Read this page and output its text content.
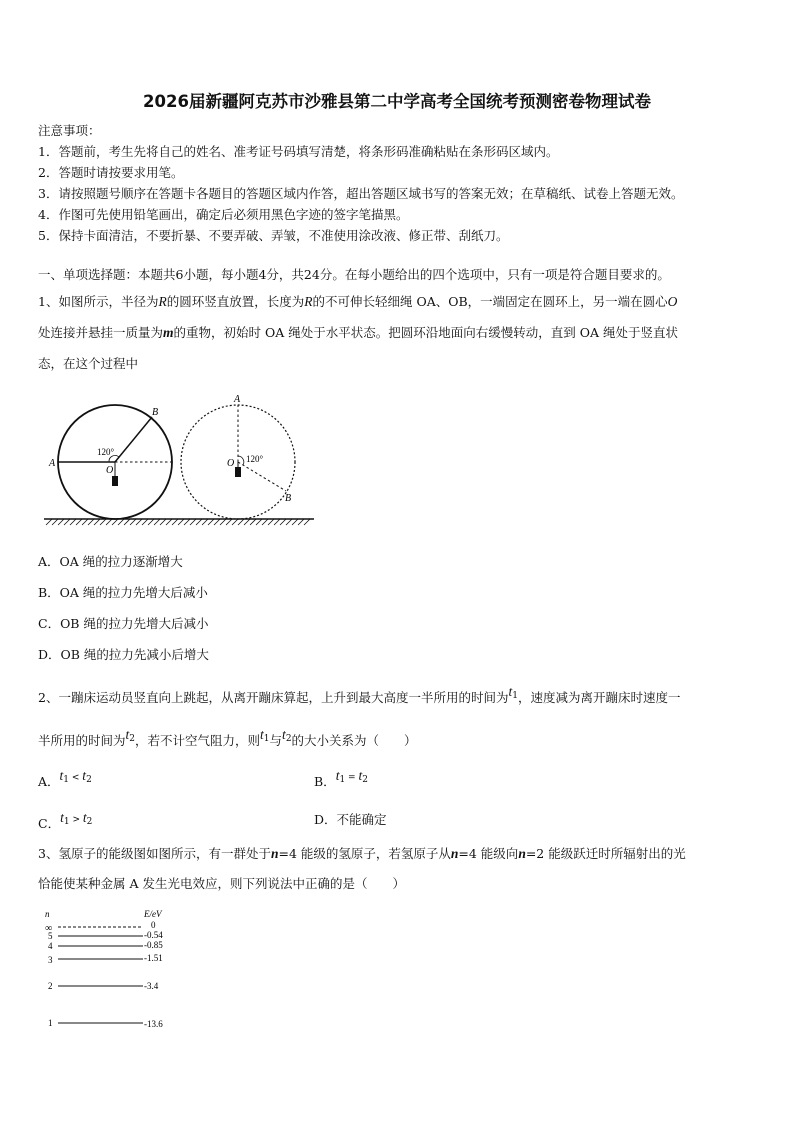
2026届新疆阿克苏市沙雅县第二中学高考全国统考预测密卷物理试卷
注意事项：
1．答题前，考生先将自己的姓名、准考证号码填写清楚，将条形码准确粘贴在条形码区域内。
2．答题时请按要求用笔。
3．请按照题号顺序在答题卡各题目的答题区域内作答，超出答题区域书写的答案无效；在草稿纸、试卷上答题无效。
4．作图可先使用铅笔画出，确定后必须用黑色字迹的签字笔描黑。
5．保持卡面清洁，不要折暴、不要弄破、弄皱，不准使用涂改液、修正带、刮纸刀。
一、单项选择题：本题共6小题，每小题4分，共24分。在每小题给出的四个选项中，只有一项是符合题目要求的。
1、如图所示，半径为R的圆环竖直放置，长度为R的不可伸长轻细绳 OA、OB，一端固定在圆环上，另一端在圆心O
处连接并悬挂一质量为m的重物，初始时 OA 绳处于水平状态。把圆环沿地面向右缓慢转动，直到 OA 绳处于竖直状
态，在这个过程中
A
B
O
120°
A
B
O 120°
A．OA 绳的拉力逐渐增大
B．OA 绳的拉力先增大后减小
C．OB 绳的拉力先增大后减小
D．OB 绳的拉力先减小后增大
2、一蹦床运动员竖直向上跳起，从离开蹦床算起，上升到最大高度一半所用的时间为$^{t1}$，速度减为离开蹦床时速度一
半所用的时间为$^{t2}$，若不计空气阻力，则$^{t1}$与$^{t2}$的大小关系为（　　）
A．$^{t1 < t2}$	B．$^{t1 = t2}$
C．$^{t1 > t2}$	D．不能确定
3、氢原子的能级图如图所示，有一群处于n=4 能级的氢原子，若氢原子从n=4 能级向n=2 能级跃迁时所辐射出的光
恰能使某种金属 A 发生光电效应，则下列说法中正确的是（　　）
n	E/eV
∞	0
5	-0.54
4	-0.85
3	-1.51
2	-3.4
1	-13.6
